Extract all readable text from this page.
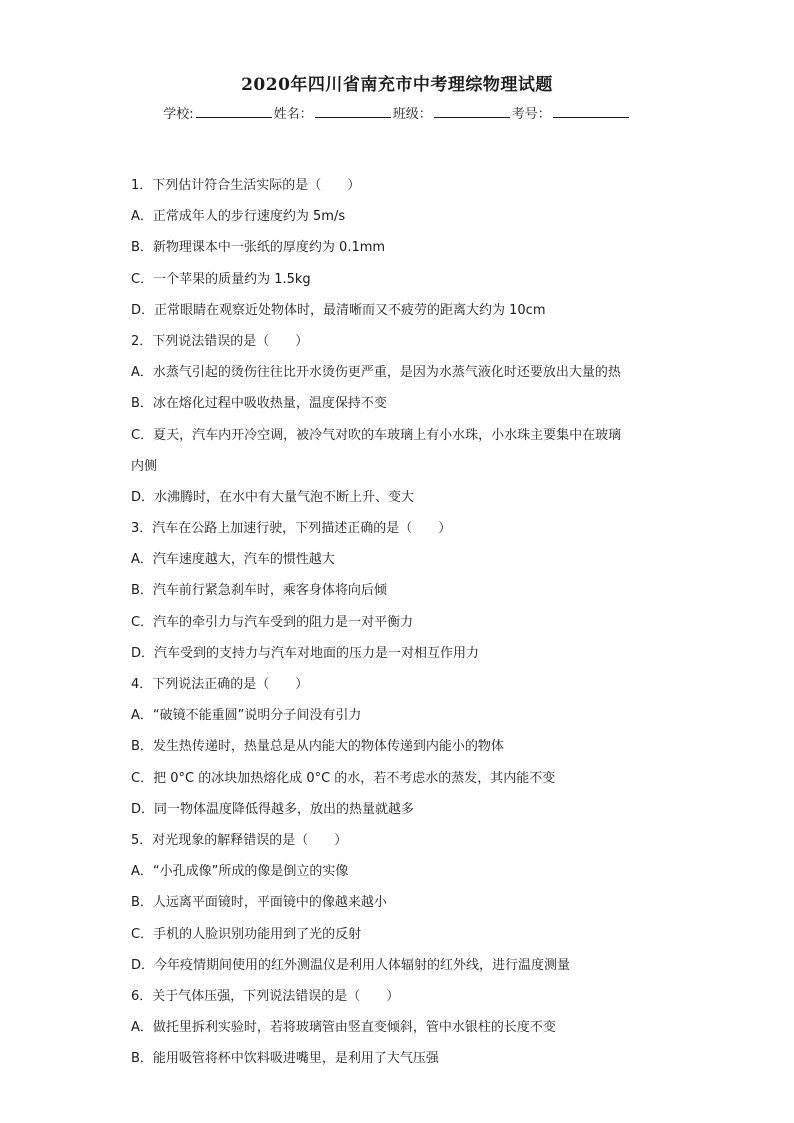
2020年四川省南充市中考理综物理试题
学校:	姓名：	班级：	考号：
1．下列估计符合生活实际的是（　　）
A．正常成年人的步行速度约为 5m/s
B．新物理课本中一张纸的厚度约为 0.1mm
C．一个苹果的质量约为 1.5kg
D．正常眼睛在观察近处物体时，最清晰而又不疲劳的距离大约为 10cm
2．下列说法错误的是（　　）
A．水蒸气引起的烫伤往往比开水烫伤更严重，是因为水蒸气液化时还要放出大量的热
B．冰在熔化过程中吸收热量，温度保持不变
C．夏天，汽车内开冷空调，被冷气对吹的车玻璃上有小水珠，小水珠主要集中在玻璃
内侧
D．水沸腾时，在水中有大量气泡不断上升、变大
3．汽车在公路上加速行驶，下列描述正确的是（　　）
A．汽车速度越大，汽车的惯性越大
B．汽车前行紧急刹车时，乘客身体将向后倾
C．汽车的牵引力与汽车受到的阻力是一对平衡力
D．汽车受到的支持力与汽车对地面的压力是一对相互作用力
4．下列说法正确的是（　　）
A．“破镜不能重圆”说明分子间没有引力
B．发生热传递时，热量总是从内能大的物体传递到内能小的物体
C．把 0°C 的冰块加热熔化成 0°C 的水，若不考虑水的蒸发，其内能不变
D．同一物体温度降低得越多，放出的热量就越多
5．对光现象的解释错误的是（　　）
A．“小孔成像”所成的像是倒立的实像
B．人远离平面镜时，平面镜中的像越来越小
C．手机的人脸识别功能用到了光的反射
D．今年疫情期间使用的红外测温仪是利用人体辐射的红外线，进行温度测量
6．关于气体压强，下列说法错误的是（　　）
A．做托里拆利实验时，若将玻璃管由竖直变倾斜，管中水银柱的长度不变
B．能用吸管将杯中饮料吸进嘴里，是利用了大气压强
